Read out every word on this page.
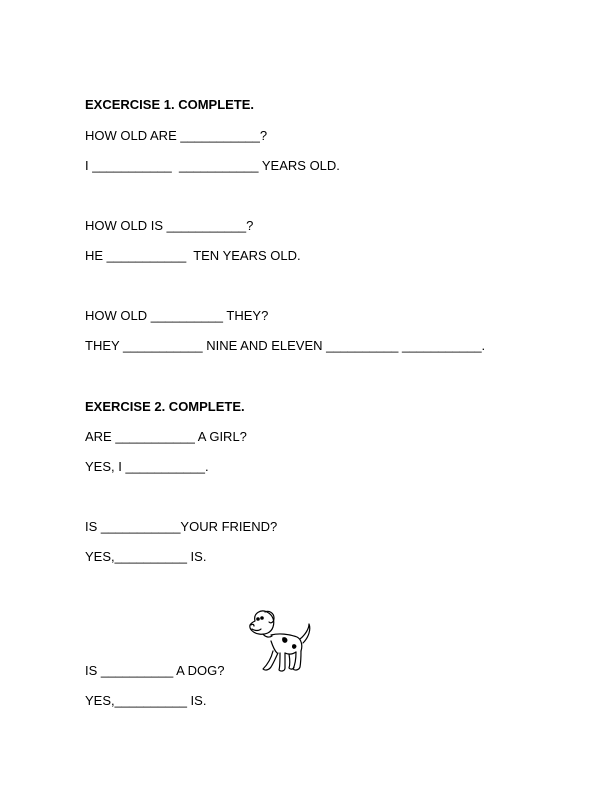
EXCERCISE 1. COMPLETE.
HOW OLD ARE ___________?
I ___________  ___________ YEARS OLD.
HOW OLD IS ___________?
HE ___________  TEN YEARS OLD.
HOW OLD __________ THEY?
THEY ___________ NINE AND ELEVEN __________ ___________.
EXERCISE 2. COMPLETE.
ARE ___________ A GIRL?
YES, I ___________.
IS ___________YOUR FRIEND?
YES,__________ IS.
IS __________ A DOG?
YES,__________ IS.
